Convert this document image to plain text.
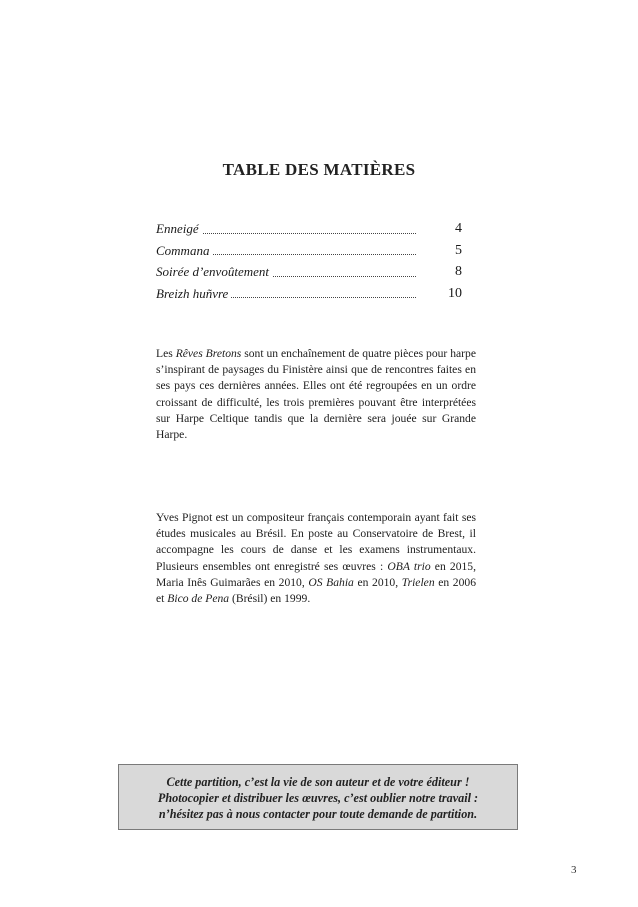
TABLE DES MATIÈRES
Enneigé	4
Commana	5
Soirée d’envoûtement	8
Breizh huñvre	10
Les Rêves Bretons sont un enchaînement de quatre pièces pour harpe s’inspirant de paysages du Finistère ainsi que de rencontres faites en ses pays ces dernières années. Elles ont été regroupées en un ordre croissant de difficulté, les trois premières pouvant être interprétées sur Harpe Celtique tandis que la dernière sera jouée sur Grande Harpe.
Yves Pignot est un compositeur français contemporain ayant fait ses études musicales au Brésil. En poste au Conservatoire de Brest, il accompagne les cours de danse et les examens instrumentaux. Plusieurs ensembles ont enregistré ses œuvres : OBA trio en 2015, Maria Inês Guimarães en 2010, OS Bahia en 2010, Trielen en 2006 et Bico de Pena (Brésil) en 1999.
Cette partition, c’est la vie de son auteur et de votre éditeur !
Photocopier et distribuer les œuvres, c’est oublier notre travail :
n’hésitez pas à nous contacter pour toute demande de partition.
3
